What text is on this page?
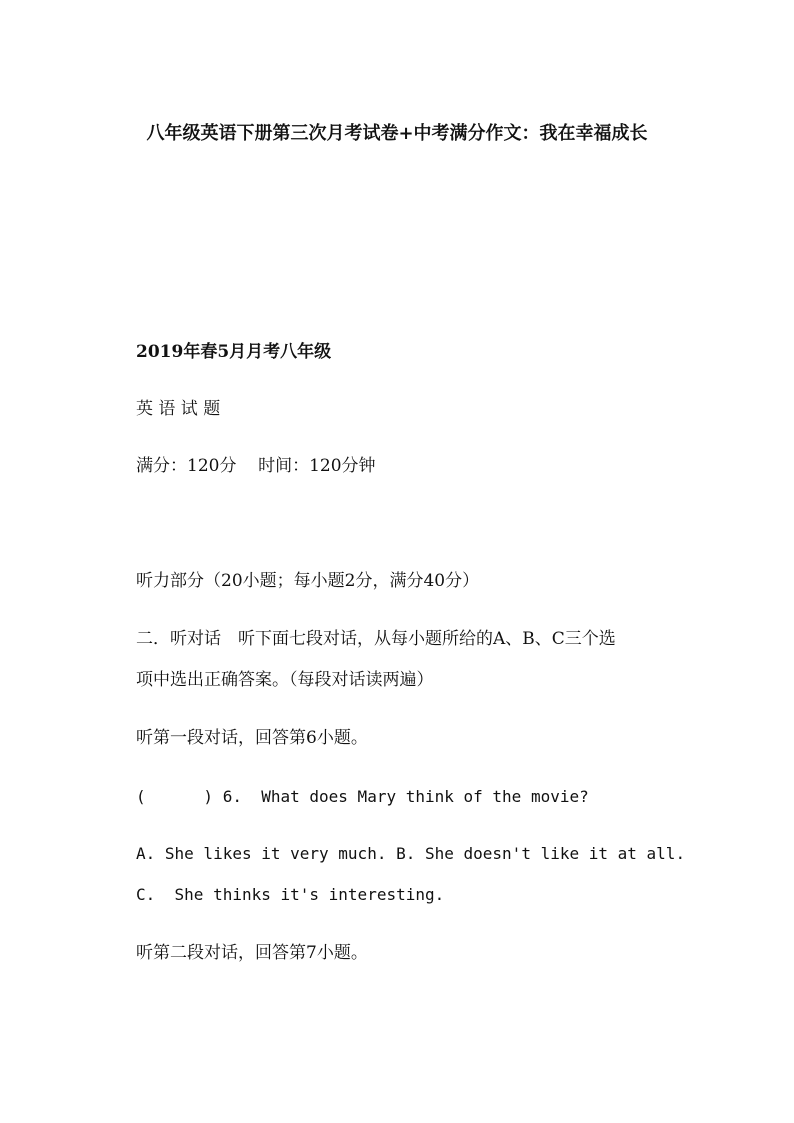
八年级英语下册第三次月考试卷+中考满分作文：我在幸福成长
2019年春5月月考八年级
英 语 试 题
满分：120分    时间：120分钟
听力部分（20小题；每小题2分，满分40分）
二．听对话　听下面七段对话，从每小题所给的A、B、C三个选
项中选出正确答案。（每段对话读两遍）
听第一段对话，回答第6小题。
(      ) 6.  What does Mary think of the movie?
A. She likes it very much. B. She doesn't like it at all.
C.  She thinks it's interesting.
听第二段对话，回答第7小题。
